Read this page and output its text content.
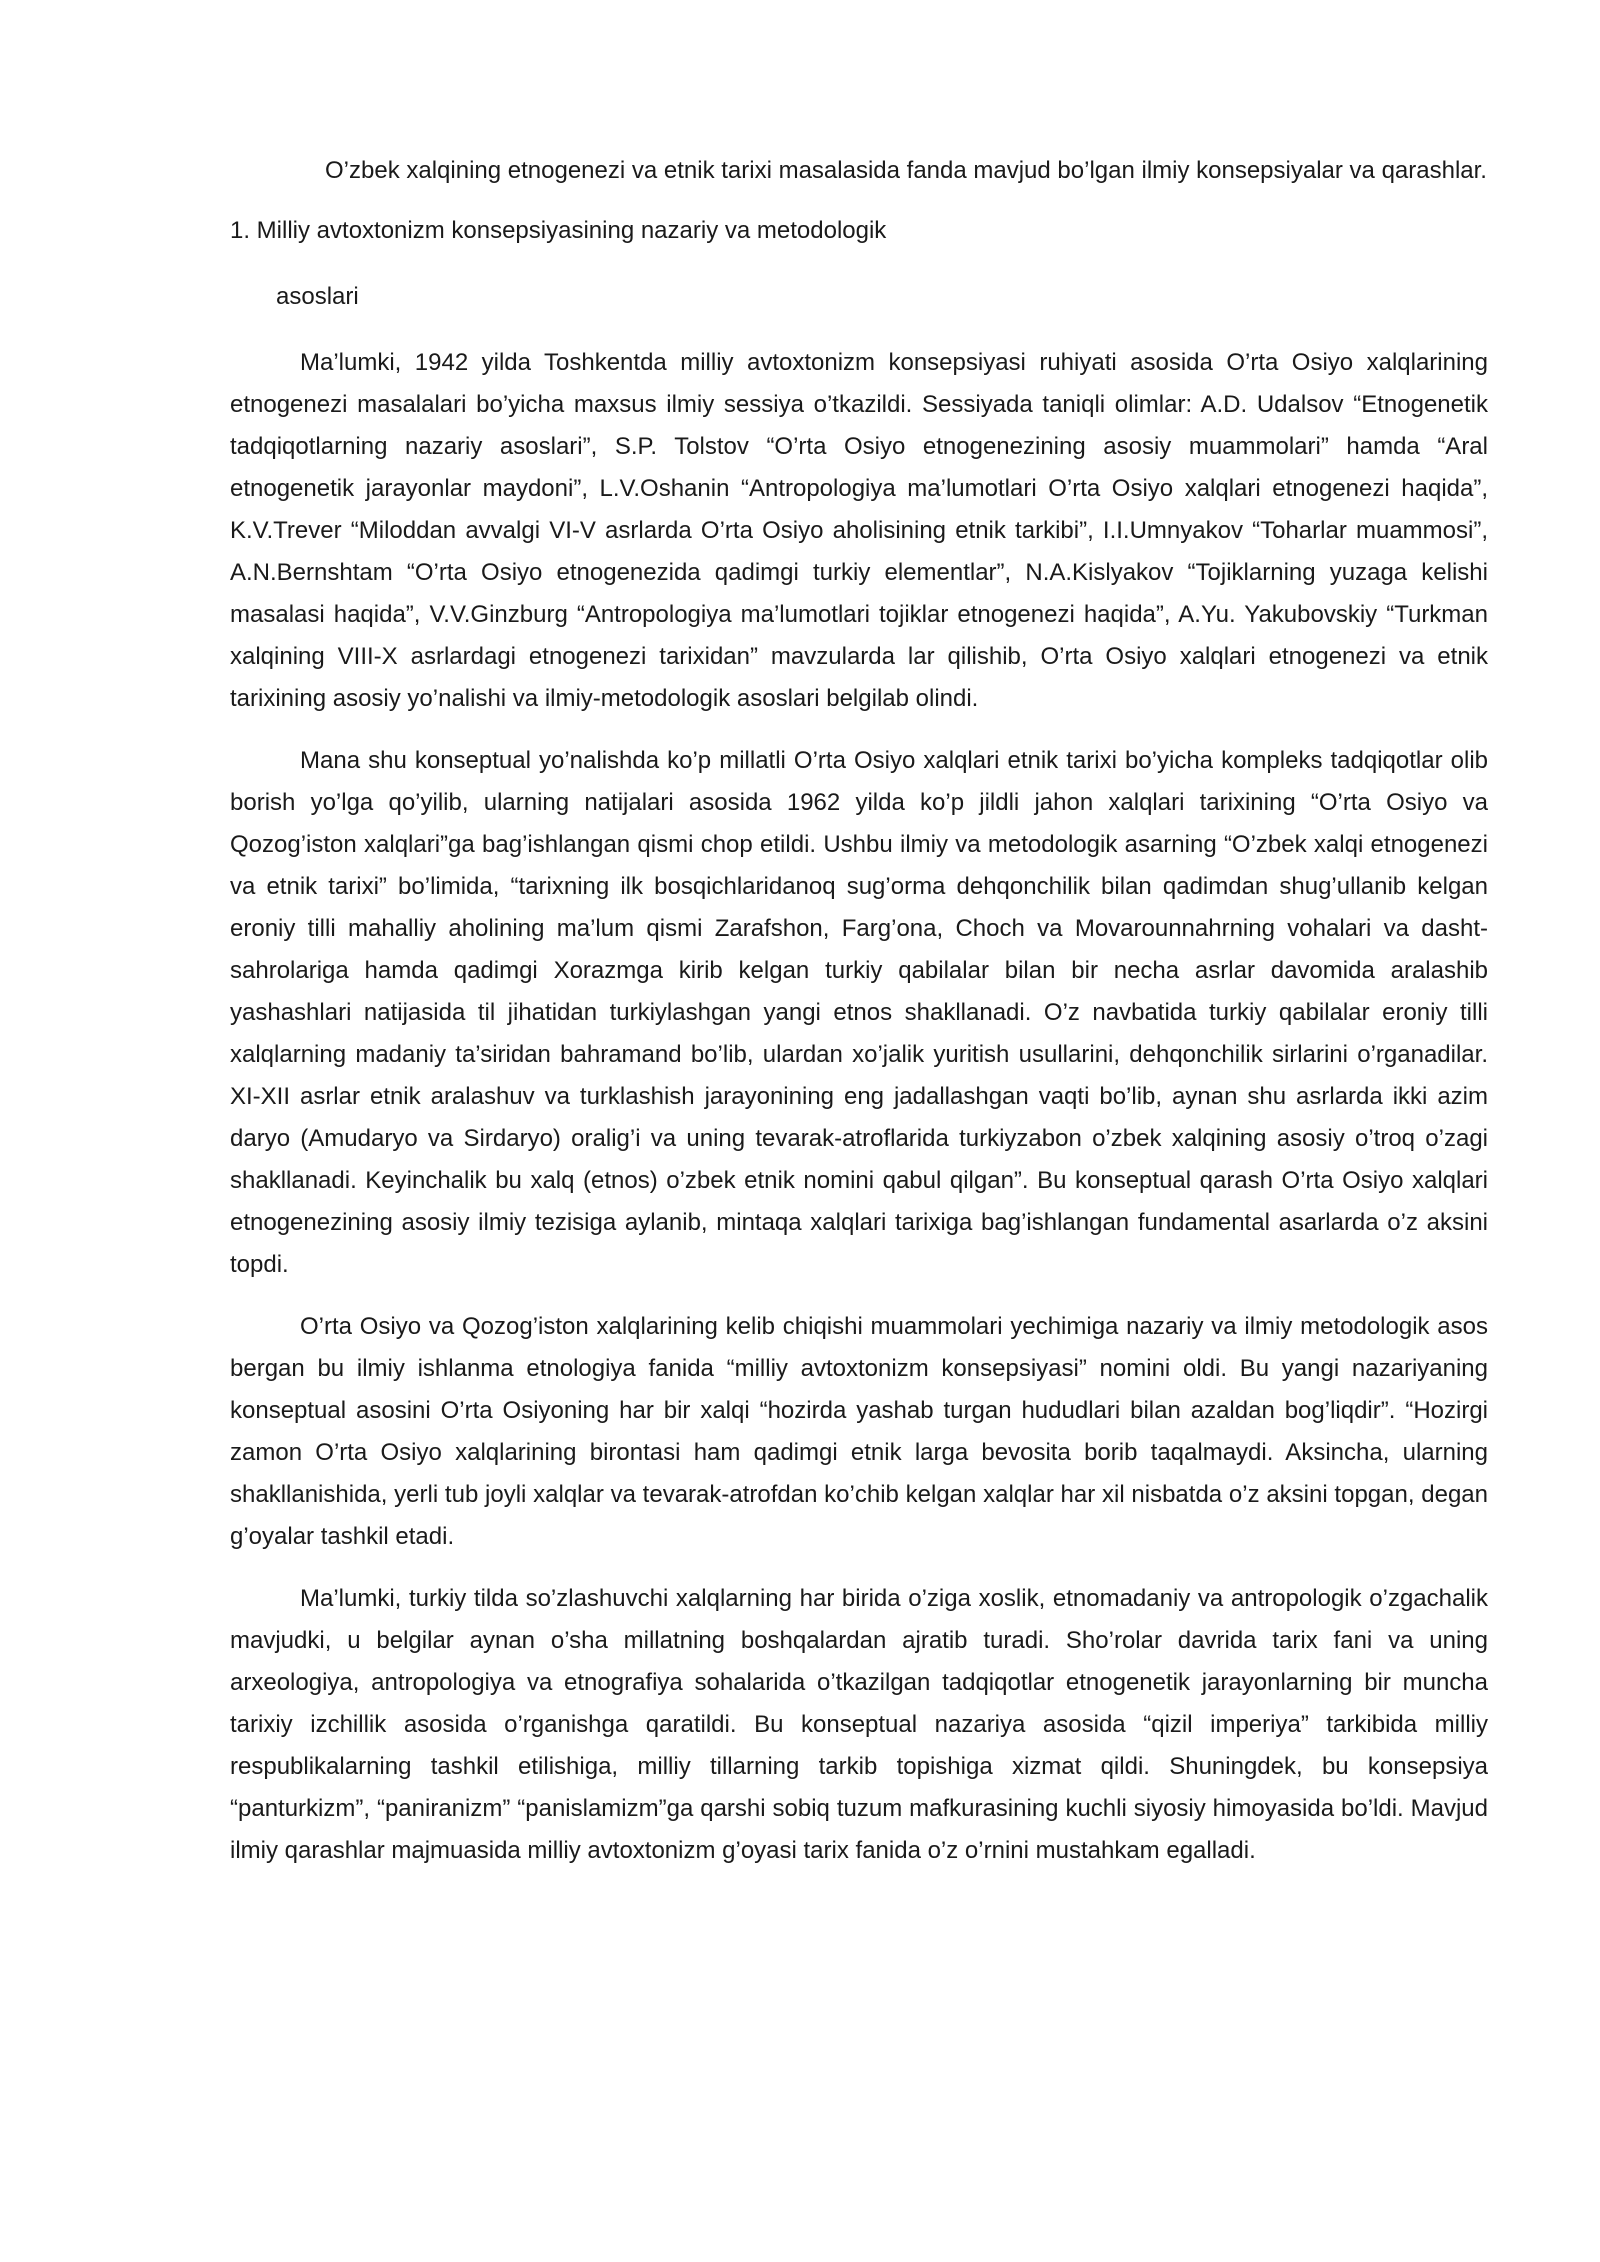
O’zbek xalqining etnogenezi va etnik tarixi masalasida fanda mavjud bo’lgan ilmiy konsepsiyalar va qarashlar.

1. Milliy avtoxtonizm konsepsiyasining nazariy va metodologik

asoslari

Ma’lumki, 1942 yilda Toshkentda milliy avtoxtonizm konsepsiyasi ruhiyati asosida O’rta Osiyo xalqlarining etnogenezi masalalari bo’yicha maxsus ilmiy sessiya o’tkazildi. Sessiyada taniqli olimlar: A.D. Udalsov “Etnogenetik tadqiqotlarning nazariy asoslari”, S.P. Tolstov “O’rta Osiyo etnogenezining asosiy muammolari” hamda “Aral etnogenetik jarayonlar maydoni”, L.V.Oshanin “Antropologiya ma’lumotlari O’rta Osiyo xalqlari etnogenezi haqida”, K.V.Trever “Miloddan avvalgi VI-V asrlarda O’rta Osiyo aholisining etnik tarkibi”, I.I.Umnyakov “Toharlar muammosi”, A.N.Bernshtam “O’rta Osiyo etnogenezida qadimgi turkiy elementlar”, N.A.Kislyakov “Tojiklarning yuzaga kelishi masalasi haqida”, V.V.Ginzburg “Antropologiya ma’lumotlari tojiklar etnogenezi haqida”, A.Yu. Yakubovskiy “Turkman xalqining VIII-X asrlardagi etnogenezi tarixidan” mavzularda lar qilishib, O’rta Osiyo xalqlari etnogenezi va etnik tarixining asosiy yo’nalishi va ilmiy-metodologik asoslari belgilab olindi.

Mana shu konseptual yo’nalishda ko’p millatli O’rta Osiyo xalqlari etnik tarixi bo’yicha kompleks tadqiqotlar olib borish yo’lga qo’yilib, ularning natijalari asosida 1962 yilda ko’p jildli jahon xalqlari tarixining “O’rta Osiyo va Qozog’iston xalqlari”ga bag’ishlangan qismi chop etildi. Ushbu ilmiy va metodologik asarning “O’zbek xalqi etnogenezi va etnik tarixi” bo’limida, “tarixning ilk bosqichlaridanoq sug’orma dehqonchilik bilan qadimdan shug’ullanib kelgan eroniy tilli mahalliy aholining ma’lum qismi Zarafshon, Farg’ona, Choch va Movarounnahrning vohalari va dasht-sahrolariga hamda qadimgi Xorazmga kirib kelgan turkiy qabilalar bilan bir necha asrlar davomida aralashib yashashlari natijasida til jihatidan turkiylashgan yangi etnos shakllanadi. O’z navbatida turkiy qabilalar eroniy tilli xalqlarning madaniy ta’siridan bahramand bo’lib, ulardan xo’jalik yuritish usullarini, dehqonchilik sirlarini o’rganadilar. XI-XII asrlar etnik aralashuv va turklashish jarayonining eng jadallashgan vaqti bo’lib, aynan shu asrlarda ikki azim daryo (Amudaryo va Sirdaryo) oralig’i va uning tevarak-atroflarida turkiyzabon o’zbek xalqining asosiy o’troq o’zagi shakllanadi. Keyinchalik bu xalq (etnos) o’zbek etnik nomini qabul qilgan”. Bu konseptual qarash O’rta Osiyo xalqlari etnogenezining asosiy ilmiy tezisiga aylanib, mintaqa xalqlari tarixiga bag’ishlangan fundamental asarlarda o’z aksini topdi.

O’rta Osiyo va Qozog’iston xalqlarining kelib chiqishi muammolari yechimiga nazariy va ilmiy metodologik asos bergan bu ilmiy ishlanma etnologiya fanida “milliy avtoxtonizm konsepsiyasi” nomini oldi. Bu yangi nazariyaning konseptual asosini O’rta Osiyoning har bir xalqi “hozirda yashab turgan hududlari bilan azaldan bog’liqdir”. “Hozirgi zamon O’rta Osiyo xalqlarining birontasi ham qadimgi etnik larga bevosita borib taqalmaydi. Aksincha, ularning shakllanishida, yerli tub joyli xalqlar va tevarak-atrofdan ko’chib kelgan xalqlar har xil nisbatda o’z aksini topgan, degan g’oyalar tashkil etadi.

Ma’lumki, turkiy tilda so’zlashuvchi xalqlarning har birida o’ziga xoslik, etnomadaniy va antropologik o’zgachalik mavjudki, u belgilar aynan o’sha millatning boshqalardan ajratib turadi. Sho’rolar davrida tarix fani va uning arxeologiya, antropologiya va etnografiya sohalarida o’tkazilgan tadqiqotlar etnogenetik jarayonlarning bir muncha tarixiy izchillik asosida o’rganishga qaratildi. Bu konseptual nazariya asosida “qizil imperiya” tarkibida milliy respublikalarning tashkil etilishiga, milliy tillarning tarkib topishiga xizmat qildi. Shuningdek, bu konsepsiya “panturkizm”, “paniranizm” “panislamizm”ga qarshi sobiq tuzum mafkurasining kuchli siyosiy himoyasida bo’ldi. Mavjud ilmiy qarashlar majmuasida milliy avtoxtonizm g’oyasi tarix fanida o’z o’rnini mustahkam egalladi.
